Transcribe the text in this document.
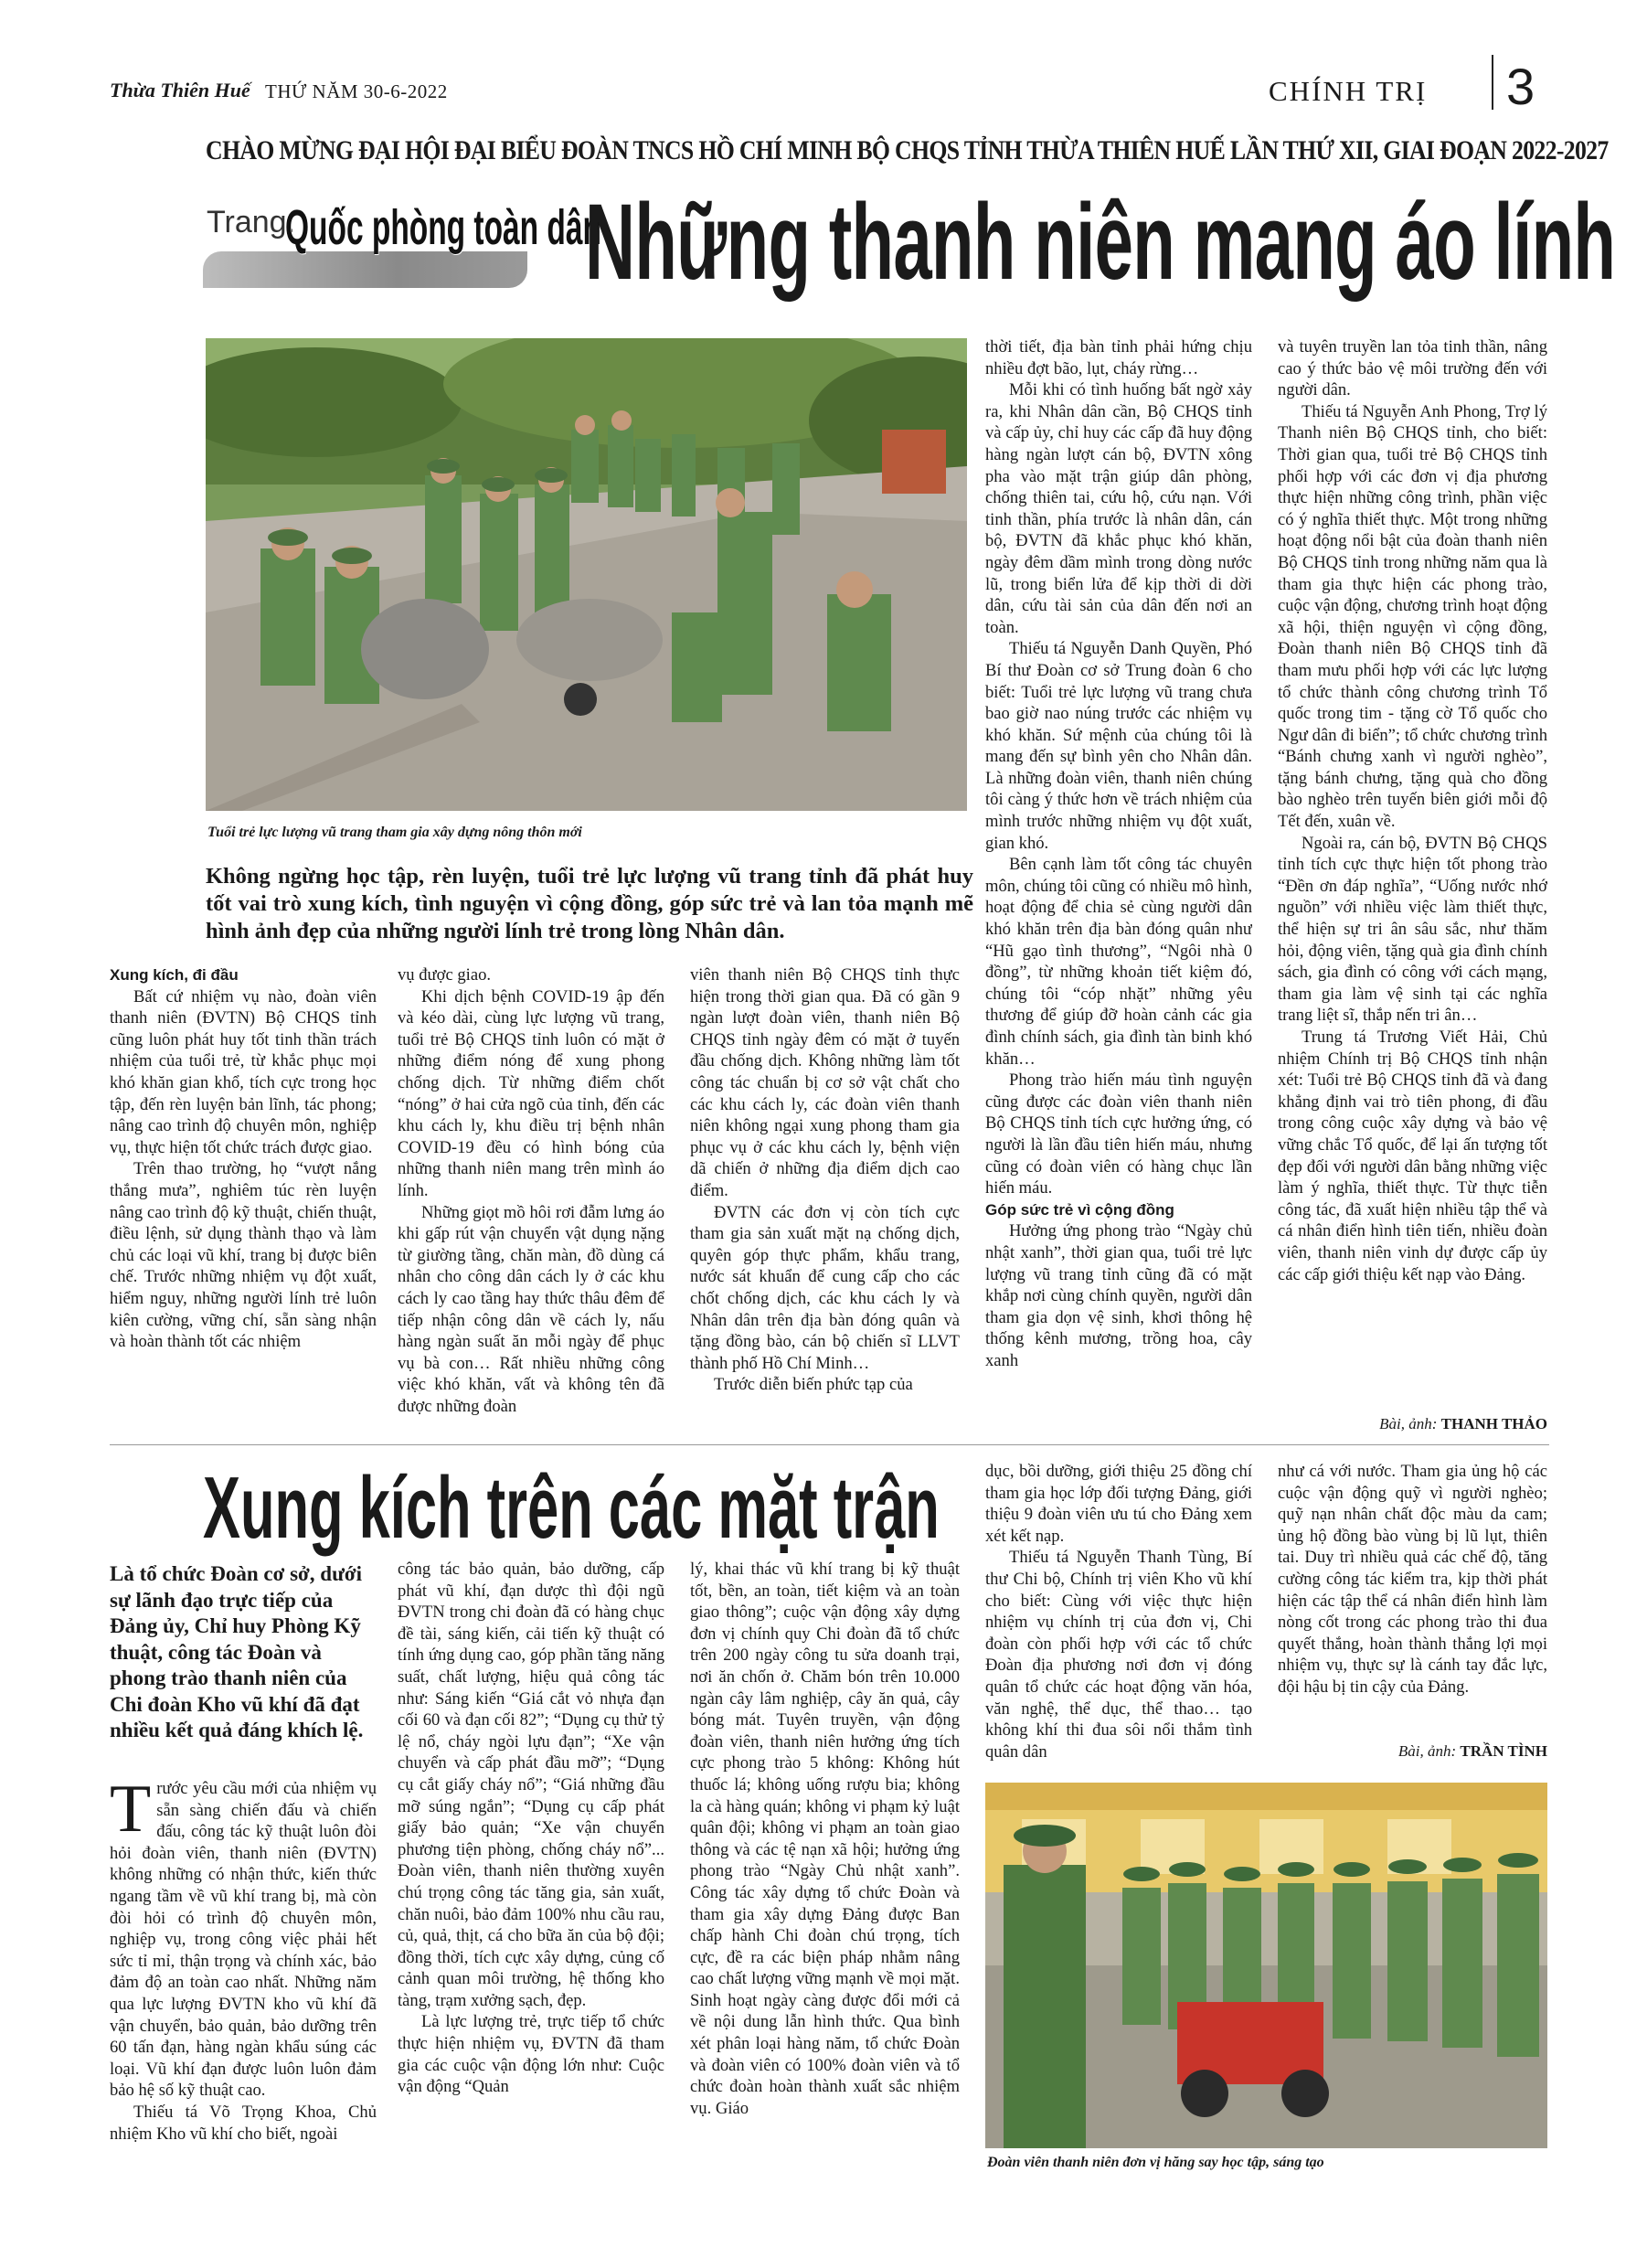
Thừa Thiên Huế THỨ NĂM 30-6-2022	CHÍNH TRỊ 3
CHÀO MỪNG ĐẠI HỘI ĐẠI BIỂU ĐOÀN TNCS HỒ CHÍ MINH BỘ CHQS TỈNH THỪA THIÊN HUẾ LẦN THỨ XII, GIAI ĐOẠN 2022-2027
Trang:
Quốc phòng toàn dân
Những thanh niên mang áo lính
Tuổi trẻ lực lượng vũ trang tham gia xây dựng nông thôn mới
Không ngừng học tập, rèn luyện, tuổi trẻ lực lượng vũ trang tỉnh đã phát huy tốt vai trò xung kích, tình nguyện vì cộng đồng, góp sức trẻ và lan tỏa mạnh mẽ hình ảnh đẹp của những người lính trẻ trong lòng Nhân dân.

Xung kích, đi đầu

Bất cứ nhiệm vụ nào, đoàn viên thanh niên (ĐVTN) Bộ CHQS tỉnh cũng luôn phát huy tốt tinh thần trách nhiệm của tuổi trẻ, từ khắc phục mọi khó khăn gian khổ, tích cực trong học tập, đến rèn luyện bản lĩnh, tác phong; nâng cao trình độ chuyên môn, nghiệp vụ, thực hiện tốt chức trách được giao.

Trên thao trường, họ “vượt nắng thắng mưa”, nghiêm túc rèn luyện nâng cao trình độ kỹ thuật, chiến thuật, điều lệnh, sử dụng thành thạo và làm chủ các loại vũ khí, trang bị được biên chế. Trước những nhiệm vụ đột xuất, hiểm nguy, những người lính trẻ luôn kiên cường, vững chí, sẵn sàng nhận và hoàn thành tốt các nhiệm

vụ được giao.

Khi dịch bệnh COVID-19 ập đến và kéo dài, cùng lực lượng vũ trang, tuổi trẻ Bộ CHQS tỉnh luôn có mặt ở những điểm nóng để xung phong chống dịch. Từ những điểm chốt “nóng” ở hai cửa ngõ của tỉnh, đến các khu cách ly, khu điều trị bệnh nhân COVID-19 đều có hình bóng của những thanh niên mang trên mình áo lính.

Những giọt mồ hôi rơi đẫm lưng áo khi gấp rút vận chuyển vật dụng nặng từ giường tầng, chăn màn, đồ dùng cá nhân cho công dân cách ly ở các khu cách ly cao tầng hay thức thâu đêm để tiếp nhận công dân về cách ly, nấu hàng ngàn suất ăn mỗi ngày để phục vụ bà con… Rất nhiều những công việc khó khăn, vất và không tên đã được những đoàn

viên thanh niên Bộ CHQS tỉnh thực hiện trong thời gian qua. Đã có gần 9 ngàn lượt đoàn viên, thanh niên Bộ CHQS tỉnh ngày đêm có mặt ở tuyến đầu chống dịch. Không những làm tốt công tác chuẩn bị cơ sở vật chất cho các khu cách ly, các đoàn viên thanh niên không ngại xung phong tham gia phục vụ ở các khu cách ly, bệnh viện dã chiến ở những địa điểm dịch cao điểm.

ĐVTN các đơn vị còn tích cực tham gia sản xuất mặt nạ chống dịch, quyên góp thực phẩm, khẩu trang, nước sát khuẩn để cung cấp cho các chốt chống dịch, các khu cách ly và Nhân dân trên địa bàn đóng quân và tặng đồng bào, cán bộ chiến sĩ LLVT thành phố Hồ Chí Minh…

Trước diễn biến phức tạp của

thời tiết, địa bàn tỉnh phải hứng chịu nhiều đợt bão, lụt, cháy rừng…

Mỗi khi có tình huống bất ngờ xảy ra, khi Nhân dân cần, Bộ CHQS tỉnh và cấp ủy, chỉ huy các cấp đã huy động hàng ngàn lượt cán bộ, ĐVTN xông pha vào mặt trận giúp dân phòng, chống thiên tai, cứu hộ, cứu nạn. Với tinh thần, phía trước là nhân dân, cán bộ, ĐVTN đã khắc phục khó khăn, ngày đêm dầm mình trong dòng nước lũ, trong biển lửa để kịp thời di dời dân, cứu tài sản của dân đến nơi an toàn.

Thiếu tá Nguyễn Danh Quyền, Phó Bí thư Đoàn cơ sở Trung đoàn 6 cho biết: Tuổi trẻ lực lượng vũ trang chưa bao giờ nao núng trước các nhiệm vụ khó khăn. Sứ mệnh của chúng tôi là mang đến sự bình yên cho Nhân dân. Là những đoàn viên, thanh niên chúng tôi càng ý thức hơn về trách nhiệm của mình trước những nhiệm vụ đột xuất, gian khó.

Bên cạnh làm tốt công tác chuyên môn, chúng tôi cũng có nhiều mô hình, hoạt động để chia sẻ cùng người dân khó khăn trên địa bàn đóng quân như “Hũ gạo tình thương”, “Ngôi nhà 0 đồng”, từ những khoản tiết kiệm đó, chúng tôi “cóp nhặt” những yêu thương để giúp đỡ hoàn cảnh các gia đình chính sách, gia đình tàn binh khó khăn…

Phong trào hiến máu tình nguyện cũng được các đoàn viên thanh niên Bộ CHQS tỉnh tích cực hưởng ứng, có người là lần đầu tiên hiến máu, nhưng cũng có đoàn viên có hàng chục lần hiến máu.

Góp sức trẻ vì cộng đồng

Hưởng ứng phong trào “Ngày chủ nhật xanh”, thời gian qua, tuổi trẻ lực lượng vũ trang tỉnh cũng đã có mặt khắp nơi cùng chính quyền, người dân tham gia dọn vệ sinh, khơi thông hệ thống kênh mương, trồng hoa, cây xanh

và tuyên truyền lan tỏa tinh thần, nâng cao ý thức bảo vệ môi trường đến với người dân.

Thiếu tá Nguyễn Anh Phong, Trợ lý Thanh niên Bộ CHQS tỉnh, cho biết: Thời gian qua, tuổi trẻ Bộ CHQS tỉnh phối hợp với các đơn vị địa phương thực hiện những công trình, phần việc có ý nghĩa thiết thực. Một trong những hoạt động nổi bật của đoàn thanh niên Bộ CHQS tỉnh trong những năm qua là tham gia thực hiện các phong trào, cuộc vận động, chương trình hoạt động xã hội, thiện nguyện vì cộng đồng, Đoàn thanh niên Bộ CHQS tỉnh đã tham mưu phối hợp với các lực lượng tổ chức thành công chương trình Tổ quốc trong tim - tặng cờ Tổ quốc cho Ngư dân đi biển”; tổ chức chương trình “Bánh chưng xanh vì người nghèo”, tặng bánh chưng, tặng quà cho đồng bào nghèo trên tuyến biên giới mỗi độ Tết đến, xuân về.

Ngoài ra, cán bộ, ĐVTN Bộ CHQS tỉnh tích cực thực hiện tốt phong trào “Đền ơn đáp nghĩa”, “Uống nước nhớ nguồn” với nhiều việc làm thiết thực, thể hiện sự tri ân sâu sắc, như thăm hỏi, động viên, tặng quà gia đình chính sách, gia đình có công với cách mạng, tham gia làm vệ sinh tại các nghĩa trang liệt sĩ, thắp nến tri ân…

Trung tá Trương Viết Hải, Chủ nhiệm Chính trị Bộ CHQS tỉnh nhận xét: Tuổi trẻ Bộ CHQS tỉnh đã và đang khẳng định vai trò tiên phong, đi đầu trong công cuộc xây dựng và bảo vệ vững chắc Tổ quốc, để lại ấn tượng tốt đẹp đối với người dân bằng những việc làm ý nghĩa, thiết thực. Từ thực tiễn công tác, đã xuất hiện nhiều tập thể và cá nhân điển hình tiên tiến, nhiều đoàn viên, thanh niên vinh dự được cấp ủy các cấp giới thiệu kết nạp vào Đảng.

Bài, ảnh: THANH THẢO
Xung kích trên các mặt trận
Là tổ chức Đoàn cơ sở, dưới sự lãnh đạo trực tiếp của Đảng ủy, Chỉ huy Phòng Kỹ thuật, công tác Đoàn và phong trào thanh niên của Chi đoàn Kho vũ khí đã đạt nhiều kết quả đáng khích lệ.

Trước yêu cầu mới của nhiệm vụ sẵn sàng chiến đấu và chiến đấu, công tác kỹ thuật luôn đòi hỏi đoàn viên, thanh niên (ĐVTN) không những có nhận thức, kiến thức ngang tầm về vũ khí trang bị, mà còn đòi hỏi có trình độ chuyên môn, nghiệp vụ, trong công việc phải hết sức tỉ mỉ, thận trọng và chính xác, bảo đảm độ an toàn cao nhất. Những năm qua lực lượng ĐVTN kho vũ khí đã vận chuyển, bảo quản, bảo dưỡng trên 60 tấn đạn, hàng ngàn khẩu súng các loại. Vũ khí đạn được luôn luôn đảm bảo hệ số kỹ thuật cao.

Thiếu tá Võ Trọng Khoa, Chủ nhiệm Kho vũ khí cho biết, ngoài

công tác bảo quản, bảo dưỡng, cấp phát vũ khí, đạn dược thì đội ngũ ĐVTN trong chi đoàn đã có hàng chục đề tài, sáng kiến, cải tiến kỹ thuật có tính ứng dụng cao, góp phần tăng năng suất, chất lượng, hiệu quả công tác như: Sáng kiến “Giá cắt vỏ nhựa đạn cối 60 và đạn cối 82”; “Dụng cụ thử tỷ lệ nổ, cháy ngòi lựu đạn”; “Xe vận chuyển và cấp phát đầu mỡ”; “Dụng cụ cắt giấy cháy nổ”; “Giá những đầu mỡ súng ngắn”; “Dụng cụ cấp phát giấy bảo quản; “Xe vận chuyển phương tiện phòng, chống cháy nổ”... Đoàn viên, thanh niên thường xuyên chú trọng công tác tăng gia, sản xuất, chăn nuôi, bảo đảm 100% nhu cầu rau, củ, quả, thịt, cá cho bữa ăn của bộ đội; đồng thời, tích cực xây dựng, củng cố cảnh quan môi trường, hệ thống kho tàng, trạm xưởng sạch, đẹp.

Là lực lượng trẻ, trực tiếp tổ chức thực hiện nhiệm vụ, ĐVTN đã tham gia các cuộc vận động lớn như: Cuộc vận động “Quản

lý, khai thác vũ khí trang bị kỹ thuật tốt, bền, an toàn, tiết kiệm và an toàn giao thông”; cuộc vận động xây dựng đơn vị chính quy Chi đoàn đã tổ chức trên 200 ngày công tu sửa doanh trại, nơi ăn chốn ở. Chăm bón trên 10.000 ngàn cây lâm nghiệp, cây ăn quả, cây bóng mát. Tuyên truyền, vận động đoàn viên, thanh niên hưởng ứng tích cực phong trào 5 không: Không hút thuốc lá; không uống rượu bia; không la cà hàng quán; không vi phạm kỷ luật quân đội; không vi phạm an toàn giao thông và các tệ nạn xã hội; hưởng ứng phong trào “Ngày Chủ nhật xanh”. Công tác xây dựng tổ chức Đoàn và tham gia xây dựng Đảng được Ban chấp hành Chi đoàn chú trọng, tích cực, đề ra các biện pháp nhằm nâng cao chất lượng vững mạnh về mọi mặt. Sinh hoạt ngày càng được đổi mới cả về nội dung lẫn hình thức. Qua bình xét phân loại hàng năm, tổ chức Đoàn và đoàn viên có 100% đoàn viên và tổ chức đoàn hoàn thành xuất sắc nhiệm vụ. Giáo

dục, bồi dưỡng, giới thiệu 25 đồng chí tham gia học lớp đối tượng Đảng, giới thiệu 9 đoàn viên ưu tú cho Đảng xem xét kết nạp.

Thiếu tá Nguyễn Thanh Tùng, Bí thư Chi bộ, Chính trị viên Kho vũ khí cho biết: Cùng với việc thực hiện nhiệm vụ chính trị của đơn vị, Chi đoàn còn phối hợp với các tổ chức Đoàn địa phương nơi đơn vị đóng quân tổ chức các hoạt động văn hóa, văn nghệ, thể dục, thể thao… tạo không khí thi đua sôi nổi thắm tình quân dân

như cá với nước. Tham gia ủng hộ các cuộc vận động quỹ vì người nghèo; quỹ nạn nhân chất độc màu da cam; ủng hộ đồng bào vùng bị lũ lụt, thiên tai. Duy trì nhiều quả các chế độ, tăng cường công tác kiểm tra, kịp thời phát hiện các tập thể cá nhân điển hình làm nòng cốt trong các phong trào thi đua quyết thắng, hoàn thành thắng lợi mọi nhiệm vụ, thực sự là cánh tay đắc lực, đội hậu bị tin cậy của Đảng.

Bài, ảnh: TRẦN TÌNH
Đoàn viên thanh niên đơn vị hăng say học tập, sáng tạo
